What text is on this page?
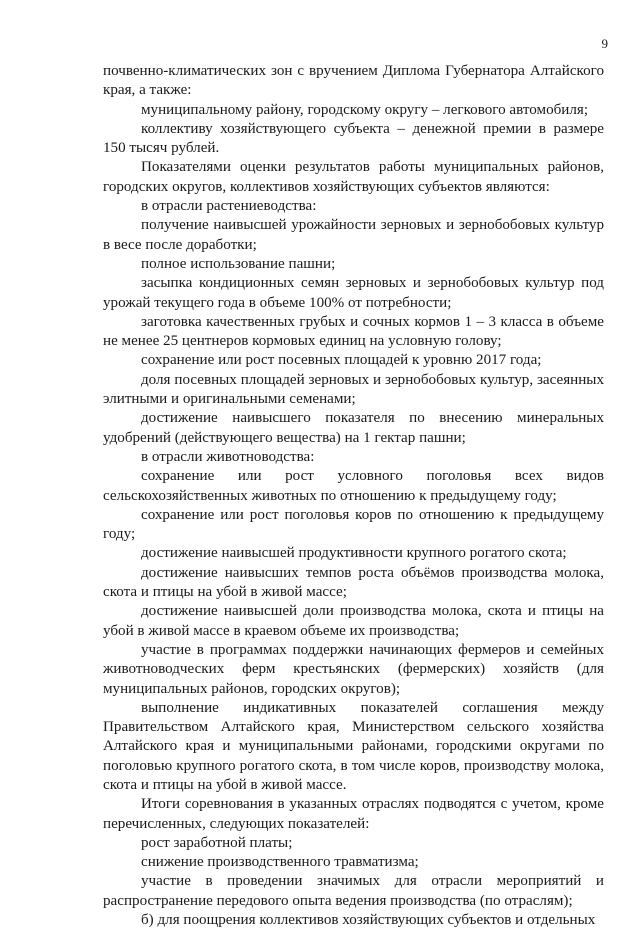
9

почвенно-климатических зон с вручением Диплома Губернатора Алтайского края, а также:

муниципальному району, городскому округу – легкового автомобиля;

коллективу хозяйствующего субъекта – денежной премии в размере 150 тысяч рублей.

Показателями оценки результатов работы муниципальных районов, городских округов, коллективов хозяйствующих субъектов являются:

в отрасли растениеводства:

получение наивысшей урожайности зерновых и зернобобовых культур в весе после доработки;

полное использование пашни;

засыпка кондиционных семян зерновых и зернобобовых культур под урожай текущего года в объеме 100% от потребности;

заготовка качественных грубых и сочных кормов 1 – 3 класса в объеме не менее 25 центнеров кормовых единиц на условную голову;

сохранение или рост посевных площадей к уровню 2017 года;

доля посевных площадей зерновых и зернобобовых культур, засеянных элитными и оригинальными семенами;

достижение наивысшего показателя по внесению минеральных удобрений (действующего вещества) на 1 гектар пашни;

в отрасли животноводства:

сохранение или рост условного поголовья всех видов сельскохозяйственных животных по отношению к предыдущему году;

сохранение или рост поголовья коров по отношению к предыдущему году;

достижение наивысшей продуктивности крупного рогатого скота;

достижение наивысших темпов роста объёмов производства молока, скота и птицы на убой в живой массе;

достижение наивысшей доли производства молока, скота и птицы на убой в живой массе в краевом объеме их производства;

участие в программах поддержки начинающих фермеров и семейных животноводческих ферм крестьянских (фермерских) хозяйств (для муниципальных районов, городских округов);

выполнение индикативных показателей соглашения между Правительством Алтайского края, Министерством сельского хозяйства Алтайского края и муниципальными районами, городскими округами по поголовью крупного рогатого скота, в том числе коров, производству молока, скота и птицы на убой в живой массе.

Итоги соревнования в указанных отраслях подводятся с учетом, кроме перечисленных, следующих показателей:

рост заработной платы;

снижение производственного травматизма;

участие в проведении значимых для отрасли мероприятий и распространение передового опыта ведения производства (по отраслям);

б) для поощрения коллективов хозяйствующих субъектов и отдельных
